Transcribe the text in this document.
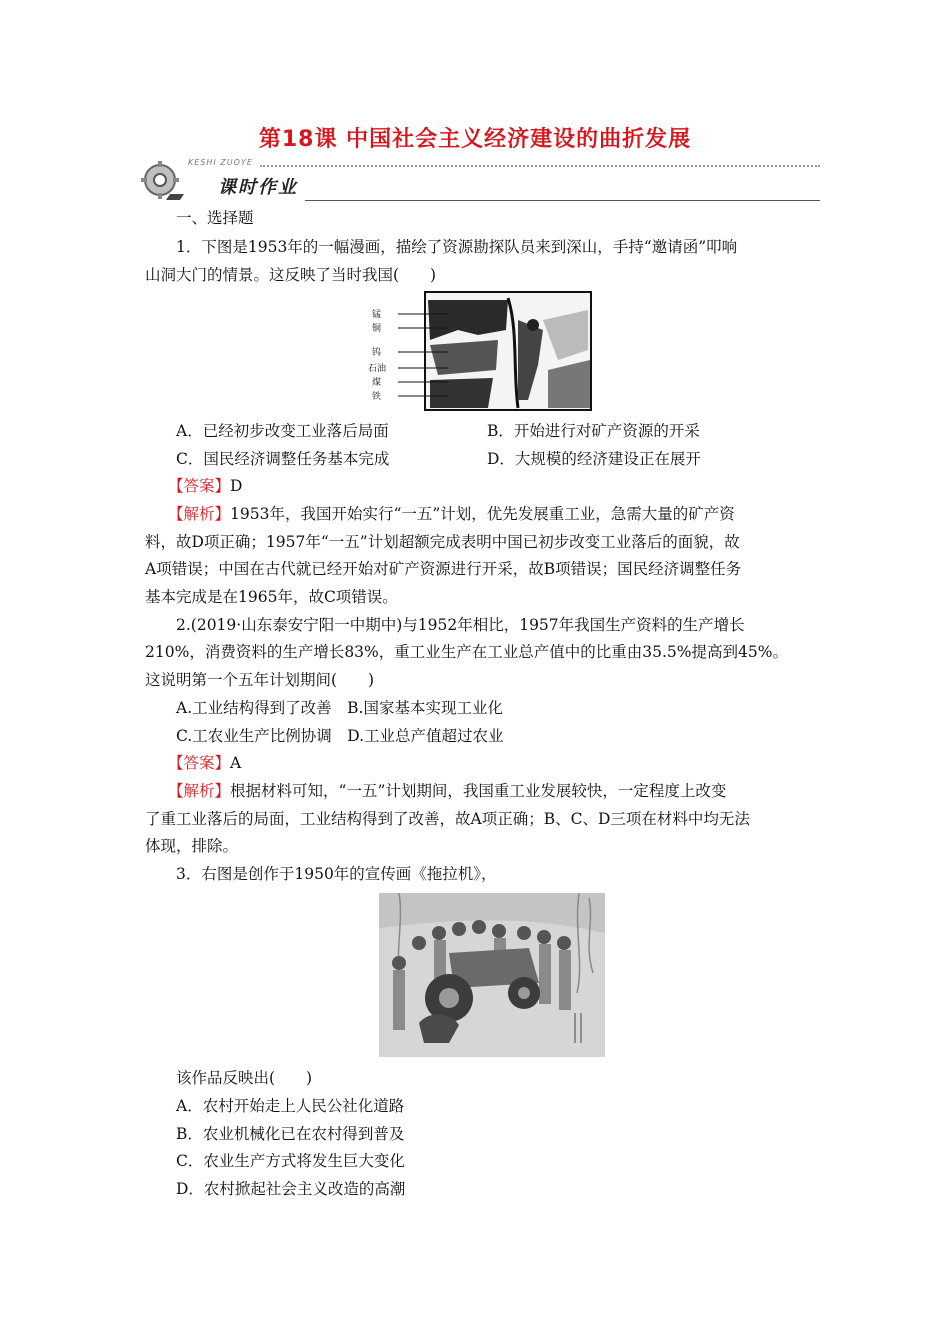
第18课 中国社会主义经济建设的曲折发展
KESHI ZUOYE
课时作业
一、选择题
1．下图是1953年的一幅漫画，描绘了资源勘探队员来到深山，手持“邀请函”叩响
山洞大门的情景。这反映了当时我国(　　)
锰
铜
钨
石油
煤
铁
A．已经初步改变工业落后局面	B．开始进行对矿产资源的开采
C．国民经济调整任务基本完成	D．大规模的经济建设正在展开
【答案】D
【解析】1953年，我国开始实行“一五”计划，优先发展重工业，急需大量的矿产资
料，故D项正确；1957年“一五”计划超额完成表明中国已初步改变工业落后的面貌，故
A项错误；中国在古代就已经开始对矿产资源进行开采，故B项错误；国民经济调整任务
基本完成是在1965年，故C项错误。
2.(2019·山东泰安宁阳一中期中)与1952年相比，1957年我国生产资料的生产增长
210%，消费资料的生产增长83%，重工业生产在工业总产值中的比重由35.5%提高到45%。
这说明第一个五年计划期间(　　)
A.工业结构得到了改善　B.国家基本实现工业化
C.工农业生产比例协调　D.工业总产值超过农业
【答案】A
【解析】根据材料可知，“一五”计划期间，我国重工业发展较快，一定程度上改变
了重工业落后的局面，工业结构得到了改善，故A项正确；B、C、D三项在材料中均无法
体现，排除。
3．右图是创作于1950年的宣传画《拖拉机》，
该作品反映出(　　)
A．农村开始走上人民公社化道路
B．农业机械化已在农村得到普及
C．农业生产方式将发生巨大变化
D．农村掀起社会主义改造的高潮
